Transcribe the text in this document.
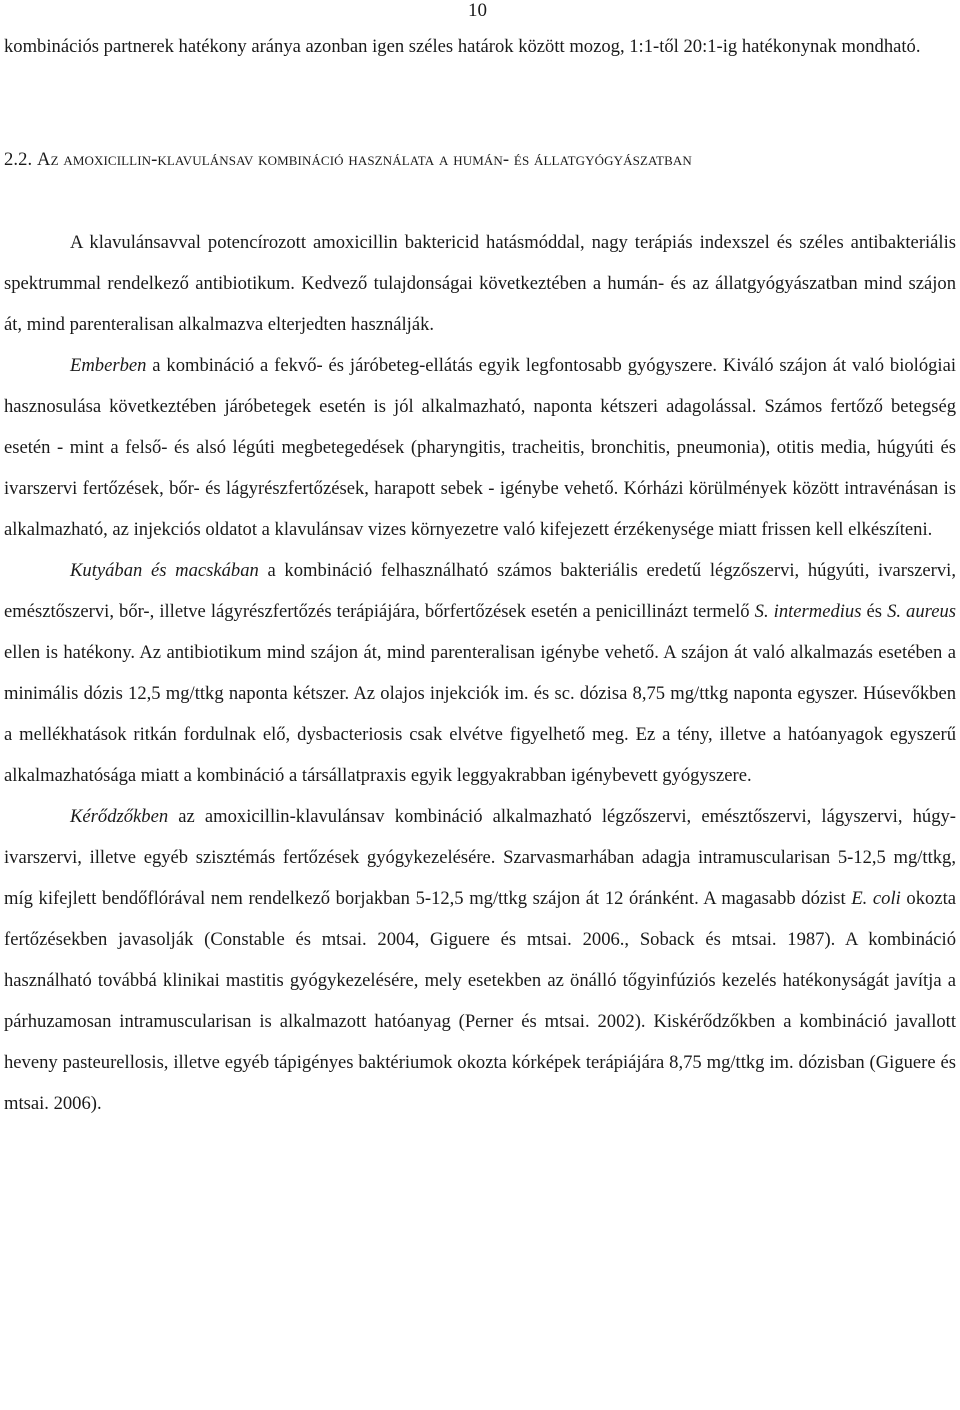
10

kombinációs partnerek hatékony aránya azonban igen széles határok között mozog, 1:1-től 20:1-ig hatékonynak mondható.

2.2. Az amoxicillin-klavulánsav kombináció használata a humán- és állatgyógyászatban

A klavulánsavval potencírozott amoxicillin baktericid hatásmóddal, nagy terápiás indexszel és széles antibakteriális spektrummal rendelkező antibiotikum. Kedvező tulajdonságai következtében a humán- és az állatgyógyászatban mind szájon át, mind parenteralisan alkalmazva elterjedten használják.

Emberben a kombináció a fekvő- és járóbeteg-ellátás egyik legfontosabb gyógyszere. Kiváló szájon át való biológiai hasznosulása következtében járóbetegek esetén is jól alkalmazható, naponta kétszeri adagolással. Számos fertőző betegség esetén - mint a felső- és alsó légúti megbetegedések (pharyngitis, tracheitis, bronchitis, pneumonia), otitis media, húgyúti és ivarszervi fertőzések, bőr- és lágyrészfertőzések, harapott sebek - igénybe vehető. Kórházi körülmények között intravénásan is alkalmazható, az injekciós oldatot a klavulánsav vizes környezetre való kifejezett érzékenysége miatt frissen kell elkészíteni.

Kutyában és macskában a kombináció felhasználható számos bakteriális eredetű légzőszervi, húgyúti, ivarszervi, emésztőszervi, bőr-, illetve lágyrészfertőzés terápiájára, bőrfertőzések esetén a penicillinázt termelő S. intermedius és S. aureus ellen is hatékony. Az antibiotikum mind szájon át, mind parenteralisan igénybe vehető. A szájon át való alkalmazás esetében a minimális dózis 12,5 mg/ttkg naponta kétszer. Az olajos injekciók im. és sc. dózisa 8,75 mg/ttkg naponta egyszer. Húsevőkben a mellékhatások ritkán fordulnak elő, dysbacteriosis csak elvétve figyelhető meg. Ez a tény, illetve a hatóanyagok egyszerű alkalmazhatósága miatt a kombináció a társállatpraxis egyik leggyakrabban igénybevett gyógyszere.

Kérődzőkben az amoxicillin-klavulánsav kombináció alkalmazható légzőszervi, emésztőszervi, lágyszervi, húgy-ivarszervi, illetve egyéb szisztémás fertőzések gyógykezelésére. Szarvasmarhában adagja intramuscularisan 5-12,5 mg/ttkg, míg kifejlett bendőflórával nem rendelkező borjakban 5-12,5 mg/ttkg szájon át 12 óránként. A magasabb dózist E. coli okozta fertőzésekben javasolják (Constable és mtsai. 2004, Giguere és mtsai. 2006., Soback és mtsai. 1987). A kombináció használható továbbá klinikai mastitis gyógykezelésére, mely esetekben az önálló tőgyinfúziós kezelés hatékonyságát javítja a párhuzamosan intramuscularisan is alkalmazott hatóanyag (Perner és mtsai. 2002). Kiskérődzőkben a kombináció javallott heveny pasteurellosis, illetve egyéb tápigényes baktériumok okozta kórképek terápiájára 8,75 mg/ttkg im. dózisban (Giguere és mtsai. 2006).
